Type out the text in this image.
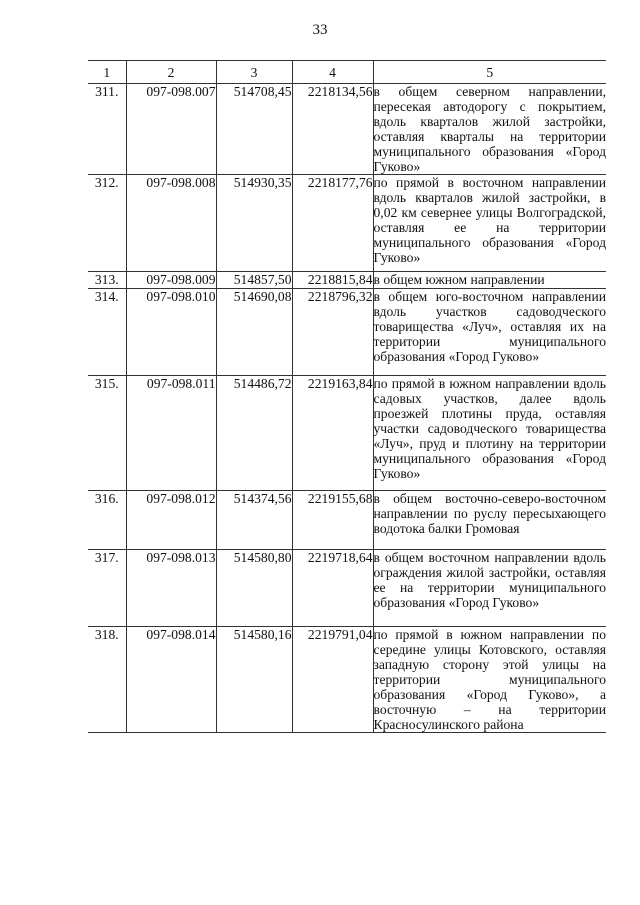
33
1	2	3	4	5
311.	097-098.007	514708,45	2218134,56	в общем северном направлении, пересекая автодорогу с покрытием, вдоль кварталов жилой застройки, оставляя кварталы на территории муниципального образования «Город Гуково»
312.	097-098.008	514930,35	2218177,76	по прямой в восточном направлении вдоль кварталов жилой застройки, в 0,02 км севернее улицы Волгоградской, оставляя ее на территории муниципального образования «Город Гуково»
313.	097-098.009	514857,50	2218815,84	в общем южном направлении
314.	097-098.010	514690,08	2218796,32	в общем юго-восточном направлении вдоль участков садоводческого товарищества «Луч», оставляя их на территории муниципального образования «Город Гуково»
315.	097-098.011	514486,72	2219163,84	по прямой в южном направлении вдоль садовых участков, далее вдоль проезжей плотины пруда, оставляя участки садоводческого товарищества «Луч», пруд и плотину на территории муниципального образования «Город Гуково»
316.	097-098.012	514374,56	2219155,68	в общем восточно-северо-восточном направлении по руслу пересыхающего водотока балки Громовая
317.	097-098.013	514580,80	2219718,64	в общем восточном направлении вдоль ограждения жилой застройки, оставляя ее на территории муниципального образования «Город Гуково»
318.	097-098.014	514580,16	2219791,04	по прямой в южном направлении по середине улицы Котовского, оставляя западную сторону этой улицы на территории муниципального образования «Город Гуково», а восточную – на территории Красносулинского района
